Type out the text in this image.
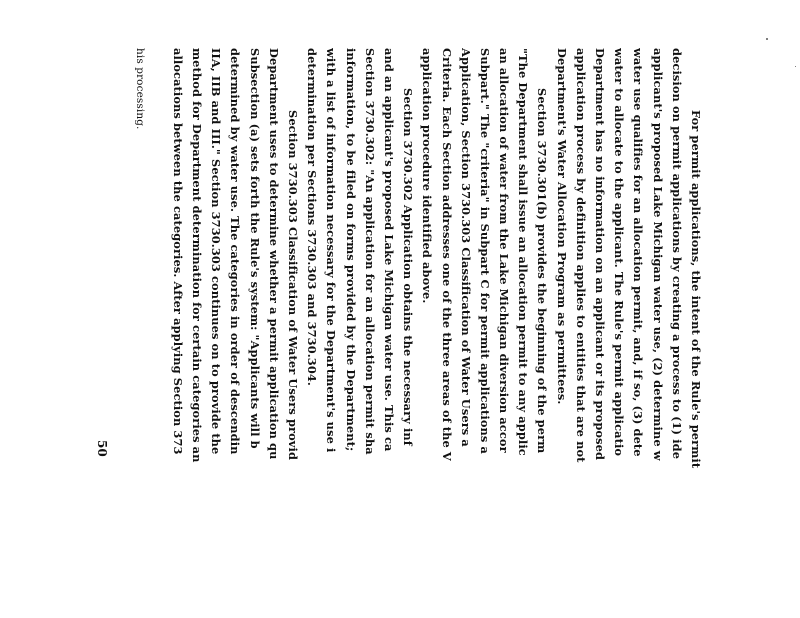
For permit applications, the intent of the Rule's permit
decision on permit applications by creating a process to (1) ide
applicant's proposed Lake Michigan water use, (2) determine w
water use qualifies for an allocation permit, and, if so, (3) dete
water to allocate to the applicant. The Rule's permit applicatio
Department has no information on an applicant or its proposed
application process by definition applies to entities that are not
Department's Water Allocation Program as permittees.
Section 3730.301(b) provides the beginning of the perm
"The Department shall issue an allocation permit to any applic
an allocation of water from the Lake Michigan diversion accor
Subpart." The "criteria" in Subpart C for permit applications a
Application, Section 3730.303 Classification of Water Users a
Criteria. Each Section addresses one of the three areas of the V
application procedure identified above.
Section 3730.302 Application obtains the necessary inf
and an applicant's proposed Lake Michigan water use. This ca
Section 3730.302: "An application for an allocation permit sha
information, to be filed on forms provided by the Department;
with a list of information necessary for the Department's use i
determination per Sections 3730.303 and 3730.304.
Section 3730.303 Classification of Water Users provid
Department uses to determine whether a permit application qu
Subsection (a) sets forth the Rule's system: "Applicants will b
determined by water use. The categories in order of descendin
IIA, IIB and III." Section 3730.303 continues on to provide the
method for Department determination for certain categories an
allocations between the categories. After applying Section 373
his processing.
50
